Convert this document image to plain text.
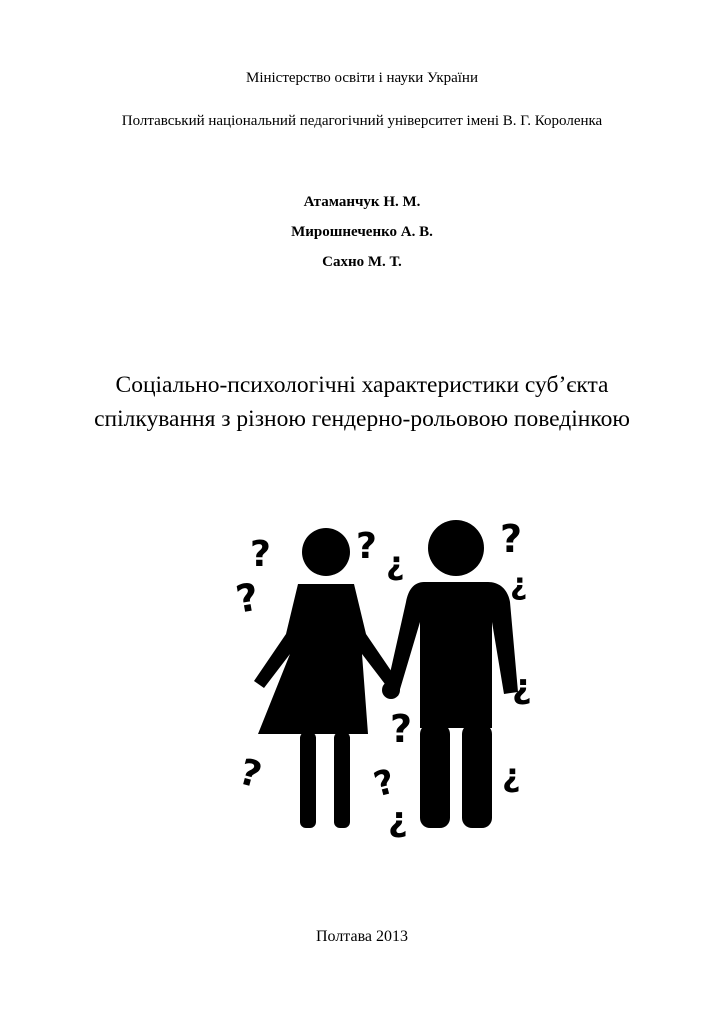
Міністерство освіти і науки України

Полтавський національний педагогічний університет імені В. Г. Короленка

Атаманчук Н. М.

Мирошнеченко А. В.

Сахно М. Т.

Соціально-психологічні характеристики суб’єкта

спілкування з різною гендерно-рольовою поведінкою

?
?
? ¿
?
¿
¿
?
?	?
¿
¿

Полтава 2013
